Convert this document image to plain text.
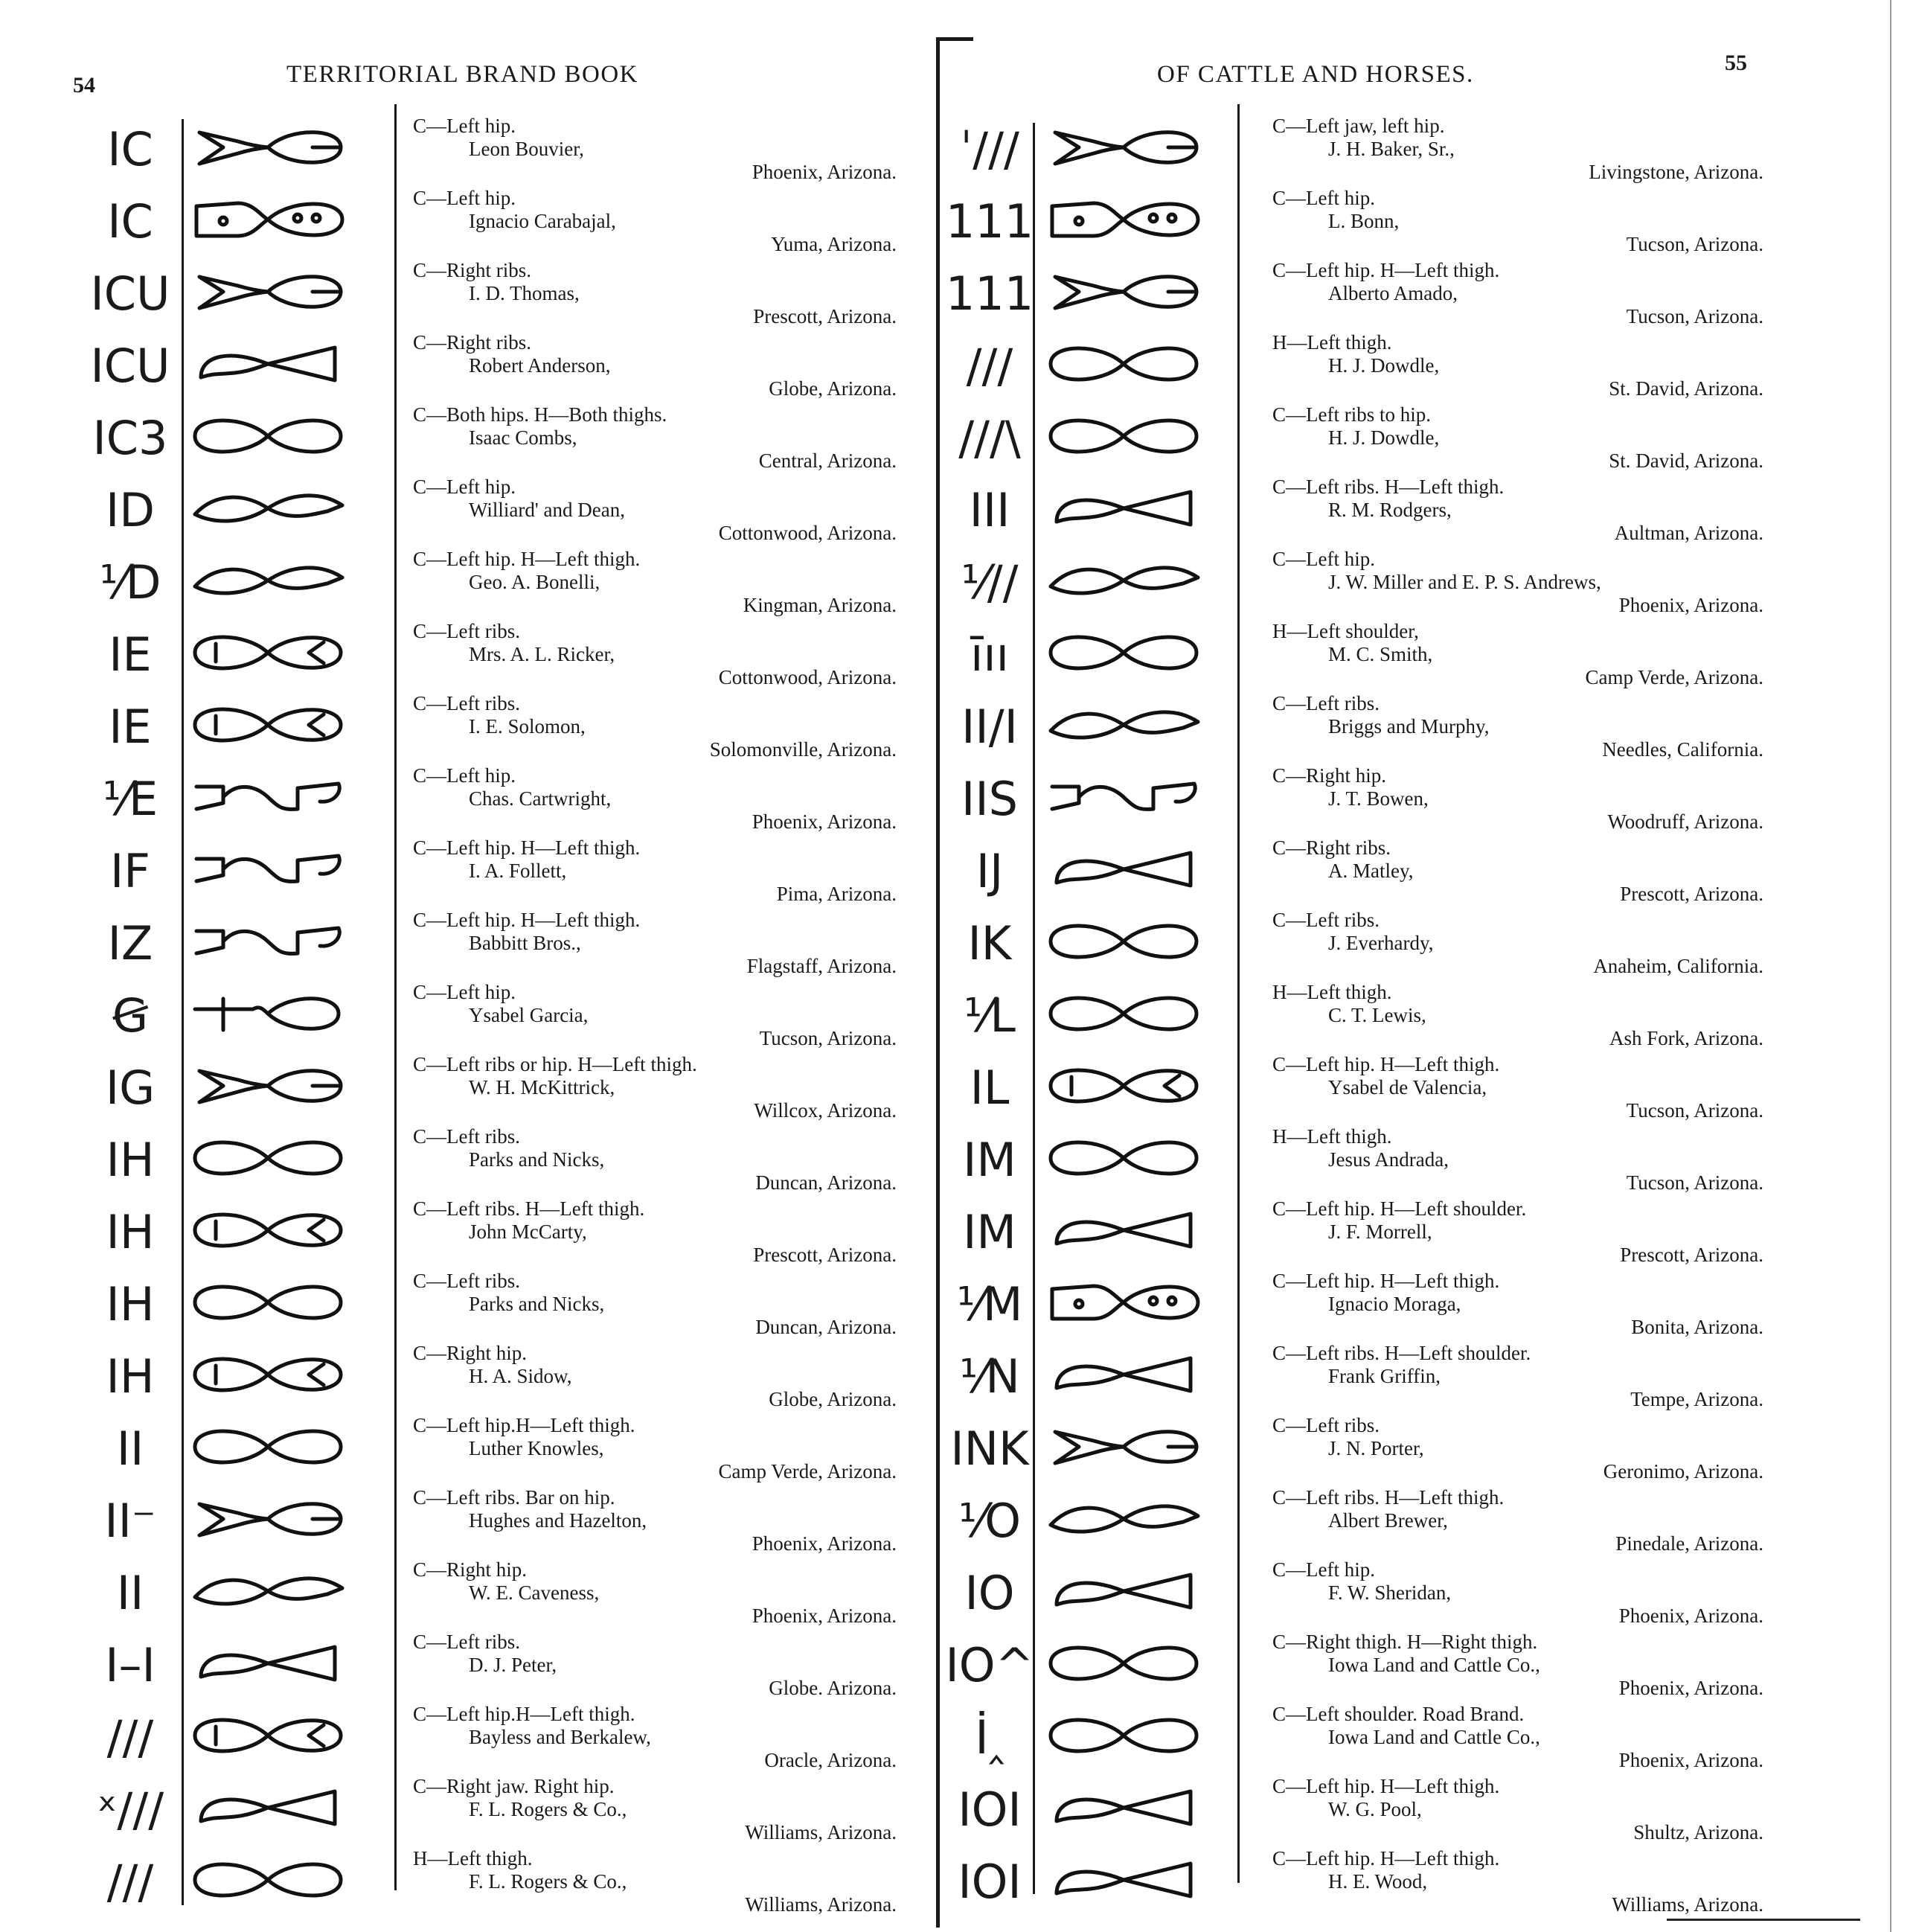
54	TERRITORIAL BRAND BOOK	OF CATTLE AND HORSES.	55
IC	C—Left hip.
Leon Bouvier,
Phoenix, Arizona.
IC	C—Left hip.
Ignacio Carabajal,
Yuma, Arizona.
ICU	C—Right ribs.
I. D. Thomas,
Prescott, Arizona.
ICU	C—Right ribs.
Robert Anderson,
Globe, Arizona.
IC3	C—Both hips. H—Both thighs.
Isaac Combs,
Central, Arizona.
ID	C—Left hip.
Williard' and Dean,
Cottonwood, Arizona.
⅟D	C—Left hip. H—Left thigh.
Geo. A. Bonelli,
Kingman, Arizona.
IE	C—Left ribs.
Mrs. A. L. Ricker,
Cottonwood, Arizona.
IE	C—Left ribs.
I. E. Solomon,
Solomonville, Arizona.
⅟E	C—Left hip.
Chas. Cartwright,
Phoenix, Arizona.
IF	C—Left hip. H—Left thigh.
I. A. Follett,
Pima, Arizona.
IZ	C—Left hip. H—Left thigh.
Babbitt Bros.,
Flagstaff, Arizona.
Ꞡ	C—Left hip.
Ysabel Garcia,
Tucson, Arizona.
IG	C—Left ribs or hip. H—Left thigh.
W. H. McKittrick,
Willcox, Arizona.
IH	C—Left ribs.
Parks and Nicks,
Duncan, Arizona.
IH	C—Left ribs. H—Left thigh.
John McCarty,
Prescott, Arizona.
IH	C—Left ribs.
Parks and Nicks,
Duncan, Arizona.
IH	C—Right hip.
H. A. Sidow,
Globe, Arizona.
II	C—Left hip.H—Left thigh.
Luther Knowles,
Camp Verde, Arizona.
II⁻	C—Left ribs. Bar on hip.
Hughes and Hazelton,
Phoenix, Arizona.
II	C—Right hip.
W. E. Caveness,
Phoenix, Arizona.
I–I	C—Left ribs.
D. J. Peter,
Globe. Arizona.
///	C—Left hip.H—Left thigh.
Bayless and Berkalew,
Oracle, Arizona.
ˣ///	C—Right jaw. Right hip.
F. L. Rogers & Co.,
Williams, Arizona.
///	H—Left thigh.
F. L. Rogers & Co.,
Williams, Arizona.
ˈ///	C—Left jaw, left hip.
J. H. Baker, Sr.,
Livingstone, Arizona.
111	C—Left hip.
L. Bonn,
Tucson, Arizona.
111	C—Left hip. H—Left thigh.
Alberto Amado,
Tucson, Arizona.
///	H—Left thigh.
H. J. Dowdle,
St. David, Arizona.
///\	C—Left ribs to hip.
H. J. Dowdle,
St. David, Arizona.
III	C—Left ribs. H—Left thigh.
R. M. Rodgers,
Aultman, Arizona.
⅟//	C—Left hip.
J. W. Miller and E. P. S. Andrews,
Phoenix, Arizona.
ı̄ıı	H—Left shoulder,
M. C. Smith,
Camp Verde, Arizona.
II/I	C—Left ribs.
Briggs and Murphy,
Needles, California.
IIS	C—Right hip.
J. T. Bowen,
Woodruff, Arizona.
IJ	C—Right ribs.
A. Matley,
Prescott, Arizona.
IK	C—Left ribs.
J. Everhardy,
Anaheim, California.
⅟L	H—Left thigh.
C. T. Lewis,
Ash Fork, Arizona.
IL	C—Left hip. H—Left thigh.
Ysabel de Valencia,
Tucson, Arizona.
IM	H—Left thigh.
Jesus Andrada,
Tucson, Arizona.
IM	C—Left hip. H—Left shoulder.
J. F. Morrell,
Prescott, Arizona.
⅟M	C—Left hip. H—Left thigh.
Ignacio Moraga,
Bonita, Arizona.
⅟N	C—Left ribs. H—Left shoulder.
Frank Griffin,
Tempe, Arizona.
INK	C—Left ribs.
J. N. Porter,
Geronimo, Arizona.
⅟O	C—Left ribs. H—Left thigh.
Albert Brewer,
Pinedale, Arizona.
IO	C—Left hip.
F. W. Sheridan,
Phoenix, Arizona.
IO^	C—Right thigh. H—Right thigh.
Iowa Land and Cattle Co.,
Phoenix, Arizona.
İ‸	C—Left shoulder. Road Brand.
Iowa Land and Cattle Co.,
Phoenix, Arizona.
IOI	C—Left hip. H—Left thigh.
W. G. Pool,
Shultz, Arizona.
IOI	C—Left hip. H—Left thigh.
H. E. Wood,
Williams, Arizona.
